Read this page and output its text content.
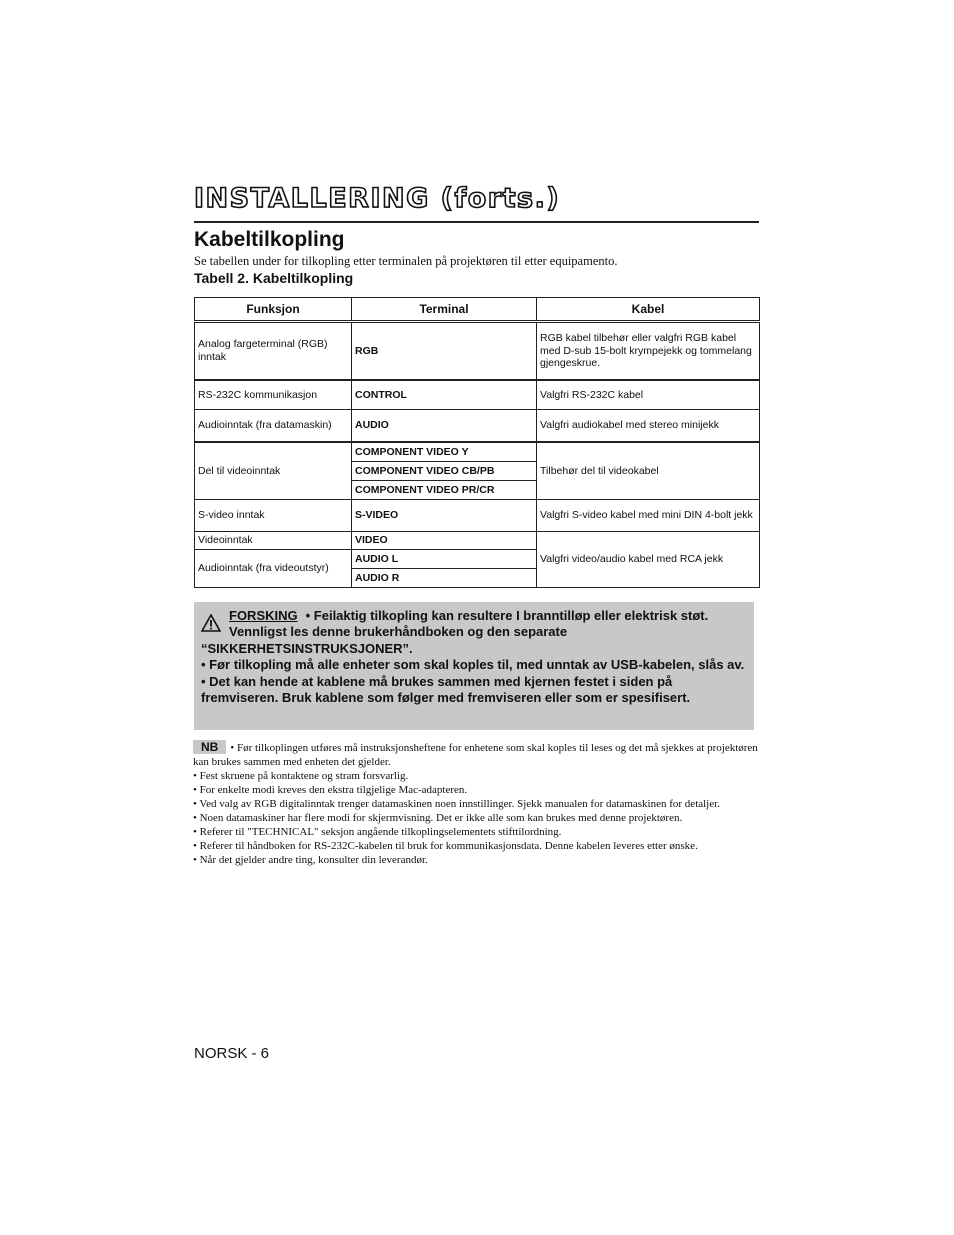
INSTALLERING (forts.)
Kabeltilkopling
Se tabellen under for tilkopling etter terminalen på projektøren til etter equipamento.
Tabell 2. Kabeltilkopling
Funksjon	Terminal	Kabel
Analog fargeterminal (RGB) inntak	RGB	RGB kabel tilbehør eller valgfri RGB kabel med D-sub 15-bolt krympejekk og tommelang gjengeskrue.
RS-232C kommunikasjon	CONTROL	Valgfri RS-232C kabel
Audioinntak (fra datamaskin)	AUDIO	Valgfri audiokabel med stereo minijekk
Del til videoinntak	COMPONENT VIDEO Y
COMPONENT VIDEO CB/PB
COMPONENT VIDEO PR/CR	Tilbehør del til videokabel
S-video inntak	S-VIDEO	Valgfri S-video kabel med mini DIN 4-bolt jekk
Videoinntak	VIDEO	Valgfri video/audio kabel med RCA jekk
Audioinntak (fra videoutstyr)	AUDIO L
AUDIO R	
FORSKING • Feilaktig tilkopling kan resultere I branntilløp eller elektrisk støt. Vennligst les denne brukerhåndboken og den separate

“SIKKERHETSINSTRUKSJONER”.

• Før tilkopling må alle enheter som skal koples til, med unntak av USB-kabelen, slås av.

• Det kan hende at kablene må brukes sammen med kjernen festet i siden på fremviseren. Bruk kablene som følger med fremviseren eller som er spesifisert.

NB • Før tilkoplingen utføres må instruksjonsheftene for enhetene som skal koples til leses og det må sjekkes at projektøren kan brukes sammen med enheten det gjelder.

• Fest skruene på kontaktene og stram forsvarlig.

• For enkelte modi kreves den ekstra tilgjelige Mac-adapteren.

• Ved valg av RGB digitalinntak trenger datamaskinen noen innstillinger. Sjekk manualen for datamaskinen for detaljer.

• Noen datamaskiner har flere modi for skjermvisning. Det er ikke alle som kan brukes med denne projektøren.

• Referer til "TECHNICAL" seksjon angående tilkoplingselementets stifttilordning.

• Referer til håndboken for RS-232C-kabelen til bruk for kommunikasjonsdata. Denne kabelen leveres etter ønske.

• Når det gjelder andre ting, konsulter din leverandør.

NORSK - 6
